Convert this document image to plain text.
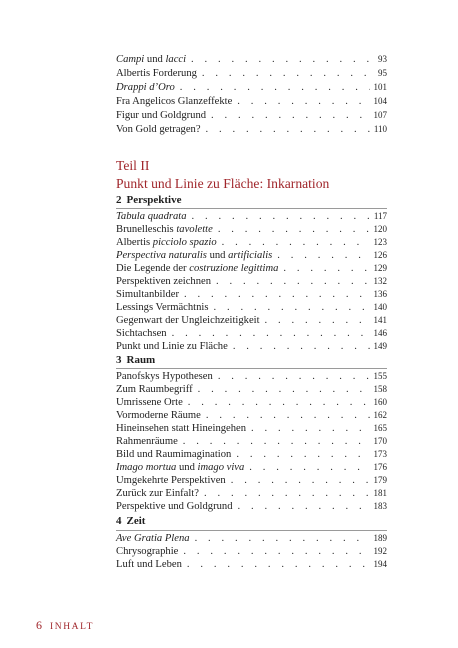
Campi und lacci . . .	93
Albertis Forderung . . .	95
Drappi d’Oro . . .	101
Fra Angelicos Glanzeffekte . . .	104
Figur und Goldgrund . . .	107
Von Gold getragen? . . .	110
Teil II
Punkt und Linie zu Fläche: Inkarnation
2 Perspektive
Tabula quadrata . . .	117
Brunelleschis tavolette . . .	120
Albertis picciolo spazio . . .	123
Perspectiva naturalis und artificialis . . .	126
Die Legende der costruzione legittima . . .	129
Perspektiven zeichnen . . .	132
Simultanbilder . . .	136
Lessings Vermächtnis . . .	140
Gegenwart der Ungleichzeitigkeit . . .	141
Sichtachsen . . .	146
Punkt und Linie zu Fläche . . .	149
3 Raum
Panofskys Hypothesen . . .	155
Zum Raumbegriff . . .	158
Umrissene Orte . . .	160
Vormoderne Räume . . .	162
Hineinsehen statt Hineingehen . . .	165
Rahmenräume . . .	170
Bild und Raumimagination . . .	173
Imago mortua und imago viva . . .	176
Umgekehrte Perspektiven . . .	179
Zurück zur Einfalt? . . .	181
Perspektive und Goldgrund . . .	183
4 Zeit
Ave Gratia Plena . . .	189
Chrysographie . . .	192
Luft und Leben . . .	194
6 INHALT
